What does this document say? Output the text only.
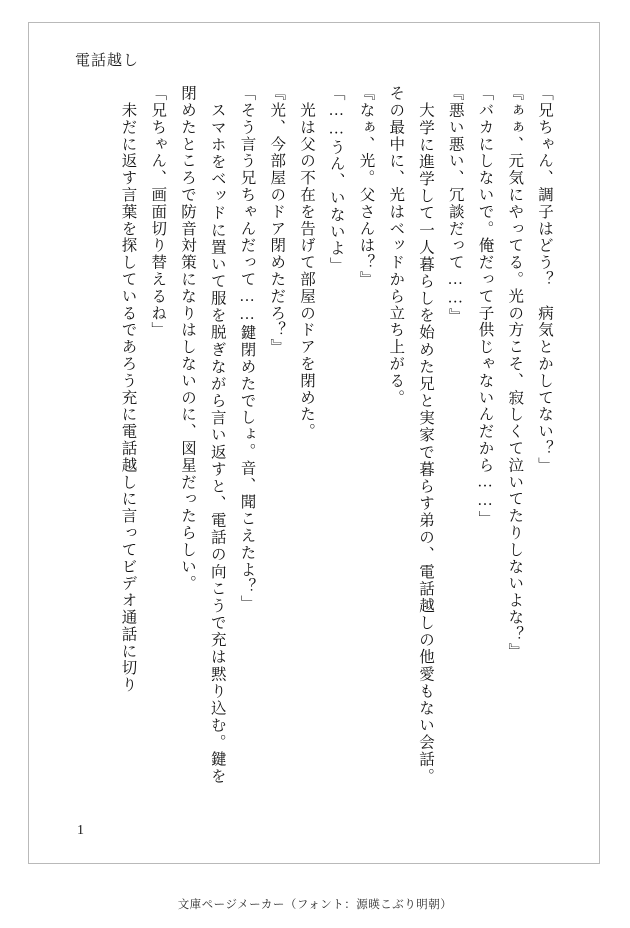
電話越し

「兄ちゃん、調子はどう？　病気とかしてない？」

『ぁぁ、元気にやってる。光の方こそ、寂しくて泣いてたりしないよな？』

「バカにしないで。俺だって子供じゃないんだから……」

『悪い悪い、冗談だって……』

　大学に進学して一人暮らしを始めた兄と実家で暮らす弟の、電話越しの他愛もない会話。その最中に、光はベッドから立ち上がる。

『なぁ、光。父さんは？』

「……うん、いないよ」

　光は父の不在を告げて部屋のドアを閉めた。

『光、今部屋のドア閉めただろ？』

「そう言う兄ちゃんだって……鍵閉めたでしょ。音、聞こえたよ？」

　スマホをベッドに置いて服を脱ぎながら言い返すと、電話の向こうで充は黙り込む。鍵を閉めたところで防音対策になりはしないのに、図星だったらしい。

「兄ちゃん、画面切り替えるね」

　未だに返す言葉を探しているであろう充に電話越しに言ってビデオ通話に切り

1
文庫ページメーカー（フォント：源暎こぶり明朝）
